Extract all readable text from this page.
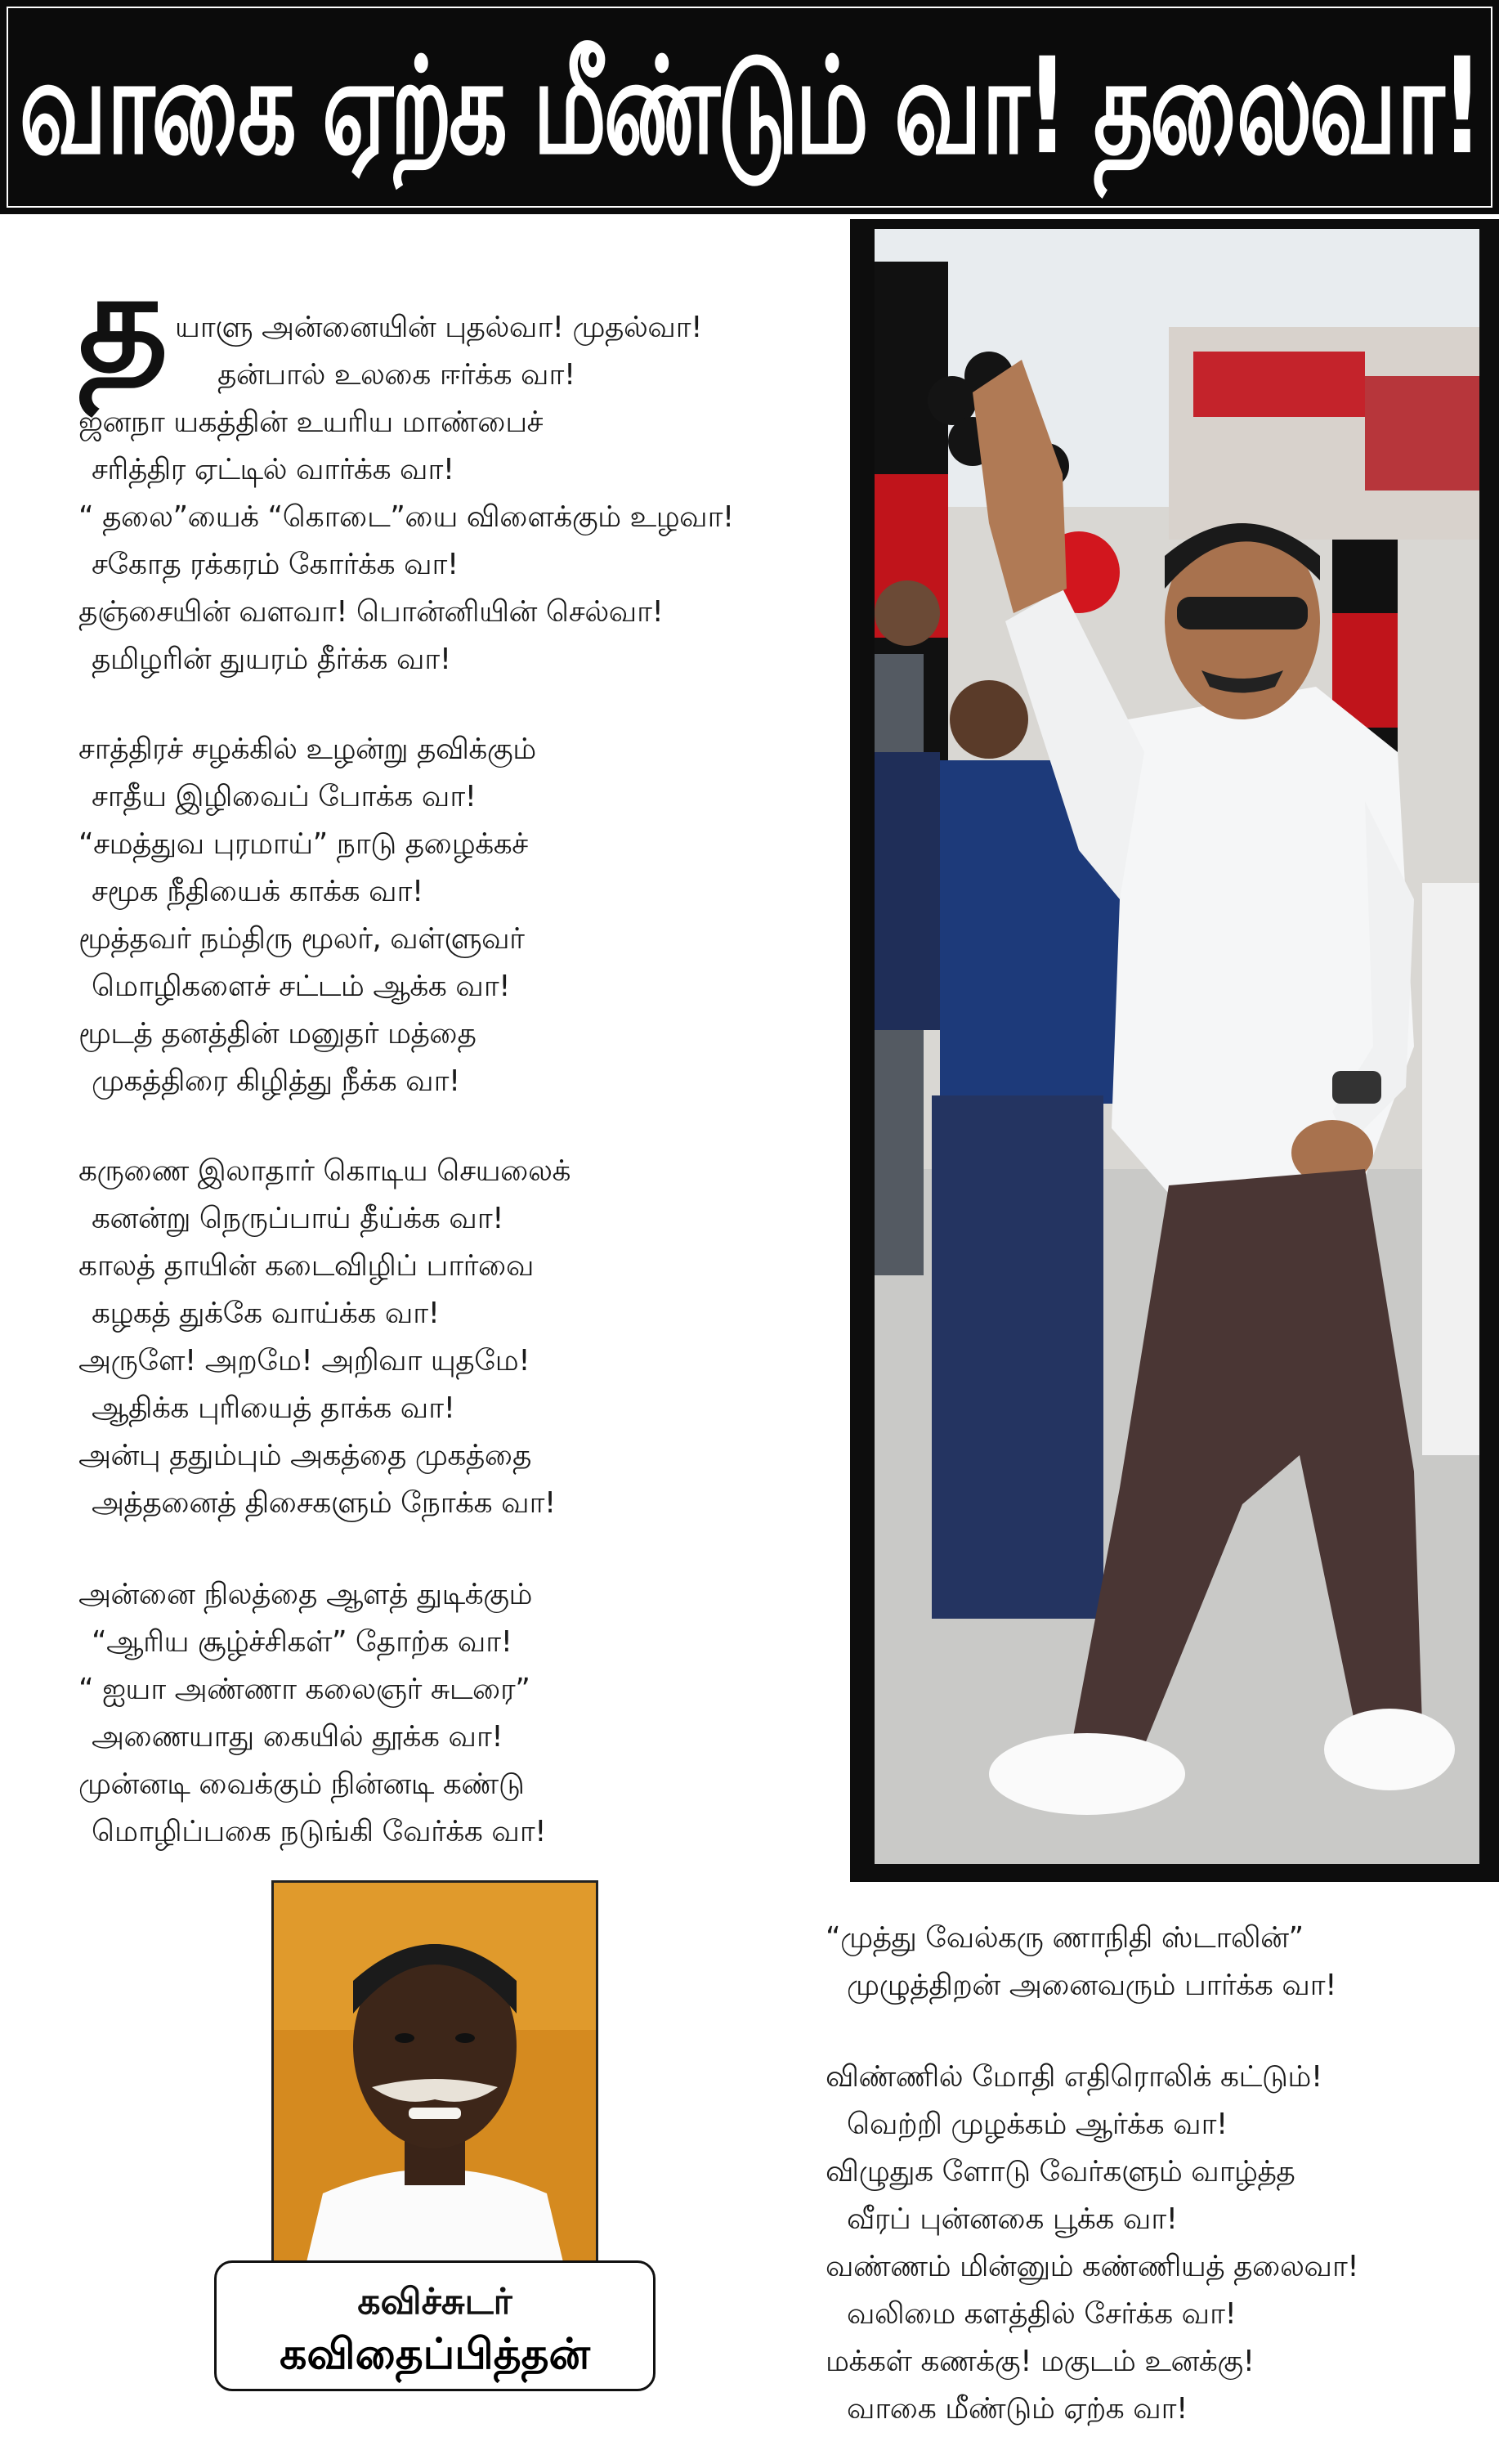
வாகை ஏற்க மீண்டும் வா! தலைவா!
த யாளு அன்னையின் புதல்வா! முதல்வா!
தன்பால் உலகை ஈர்க்க வா!
ஜனநா யகத்தின் உயரிய மாண்பைச்
சரித்திர ஏட்டில் வார்க்க வா!
“ தலை”யைக் “கொடை”யை விளைக்கும் உழவா!
சகோத ரக்கரம் கோர்க்க வா!
தஞ்சையின் வளவா! பொன்னியின் செல்வா!
தமிழரின் துயரம் தீர்க்க வா!
சாத்திரச் சழக்கில் உழன்று தவிக்கும்
சாதீய இழிவைப் போக்க வா!
“சமத்துவ புரமாய்” நாடு தழைக்கச்
சமூக நீதியைக் காக்க வா!
மூத்தவர் நம்திரு மூலர், வள்ளுவர்
மொழிகளைச் சட்டம் ஆக்க வா!
மூடத் தனத்தின் மனுதர் மத்தை
முகத்திரை கிழித்து நீக்க வா!
கருணை இலாதார் கொடிய செயலைக்
கனன்று நெருப்பாய் தீய்க்க வா!
காலத் தாயின் கடைவிழிப் பார்வை
கழகத் துக்கே வாய்க்க வா!
அருளே! அறமே! அறிவா யுதமே!
ஆதிக்க புரியைத் தாக்க வா!
அன்பு ததும்பும் அகத்தை முகத்தை
அத்தனைத் திசைகளும் நோக்க வா!
அன்னை நிலத்தை ஆளத் துடிக்கும்
“ஆரிய சூழ்ச்சிகள்” தோற்க வா!
“ ஐயா அண்ணா கலைஞர் சுடரை”
அணையாது கையில் தூக்க வா!
முன்னடி வைக்கும் நின்னடி கண்டு
மொழிப்பகை நடுங்கி வேர்க்க வா!
“முத்து வேல்கரு ணாநிதி ஸ்டாலின்”
முழுத்திறன் அனைவரும் பார்க்க வா!
விண்ணில் மோதி எதிரொலிக் கட்டும்!
வெற்றி முழக்கம் ஆர்க்க வா!
விழுதுக ளோடு வேர்களும் வாழ்த்த
வீரப் புன்னகை பூக்க வா!
வண்ணம் மின்னும் கண்ணியத் தலைவா!
வலிமை களத்தில் சேர்க்க வா!
மக்கள் கணக்கு! மகுடம் உனக்கு!
வாகை மீண்டும் ஏற்க வா!
கவிச்சுடர்
கவிதைப்பித்தன்
